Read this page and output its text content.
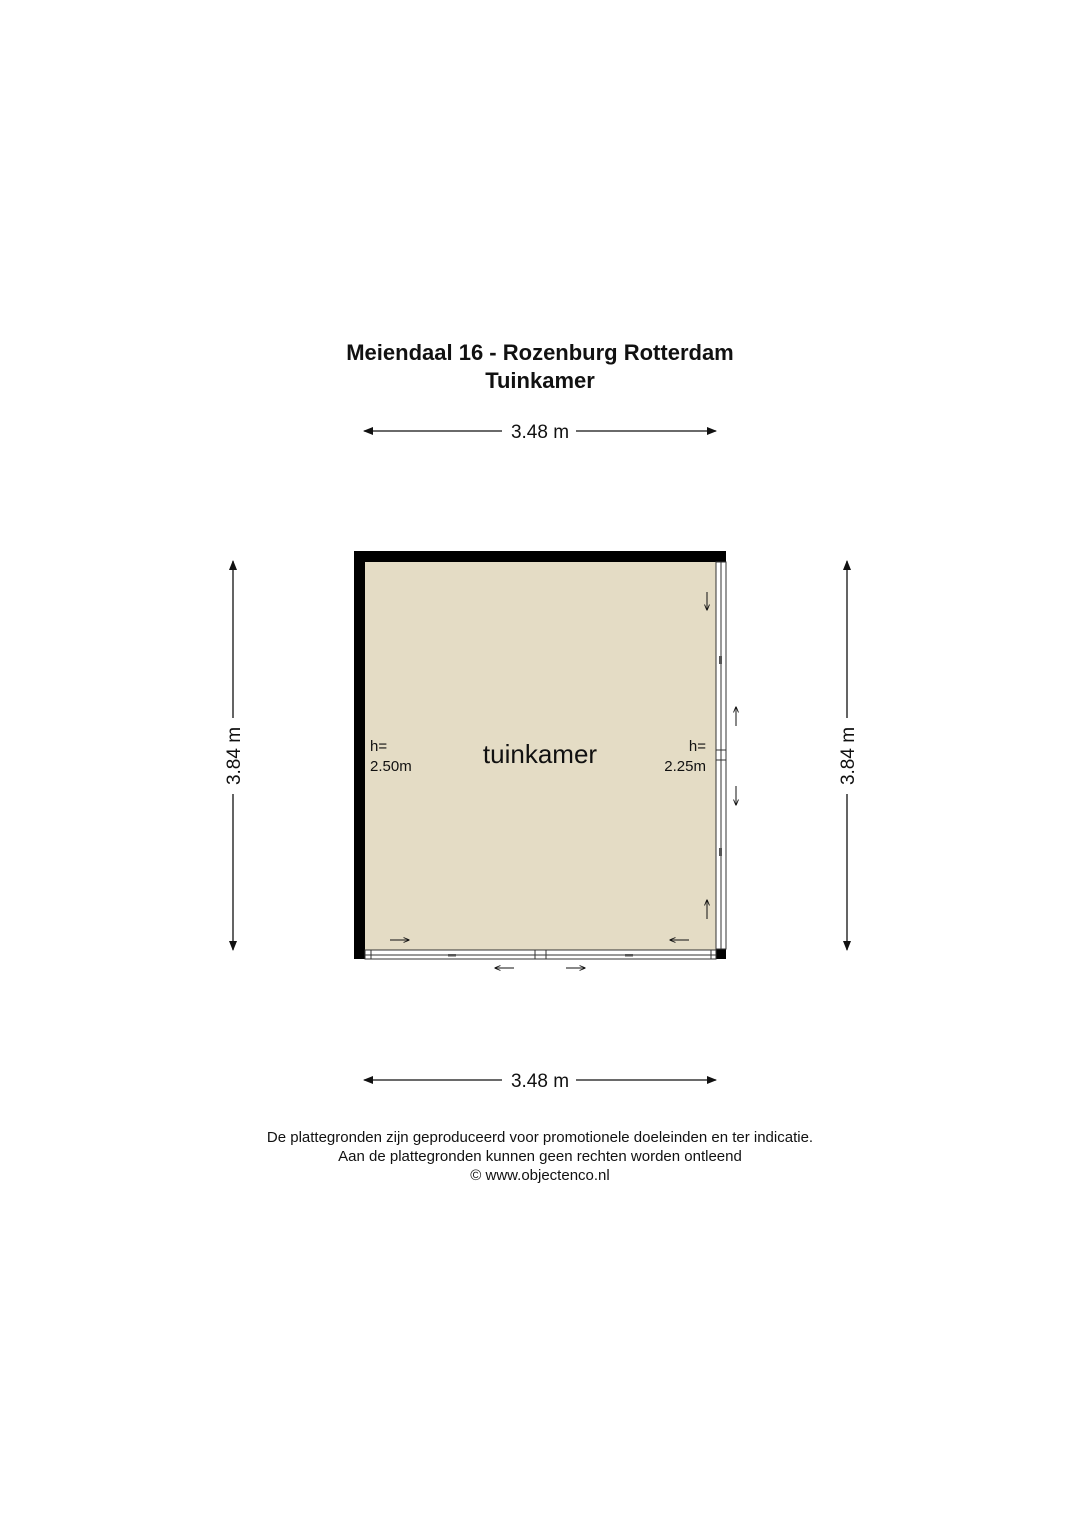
Meiendaal 16 - Rozenburg Rotterdam
Tuinkamer
3.48 m
3.48 m
3.84 m	3.84 m
tuinkamer
h=
2.50m
h=
2.25m
De plattegronden zijn geproduceerd voor promotionele doeleinden en ter indicatie.
Aan de plattegronden kunnen geen rechten worden ontleend
© www.objectenco.nl
